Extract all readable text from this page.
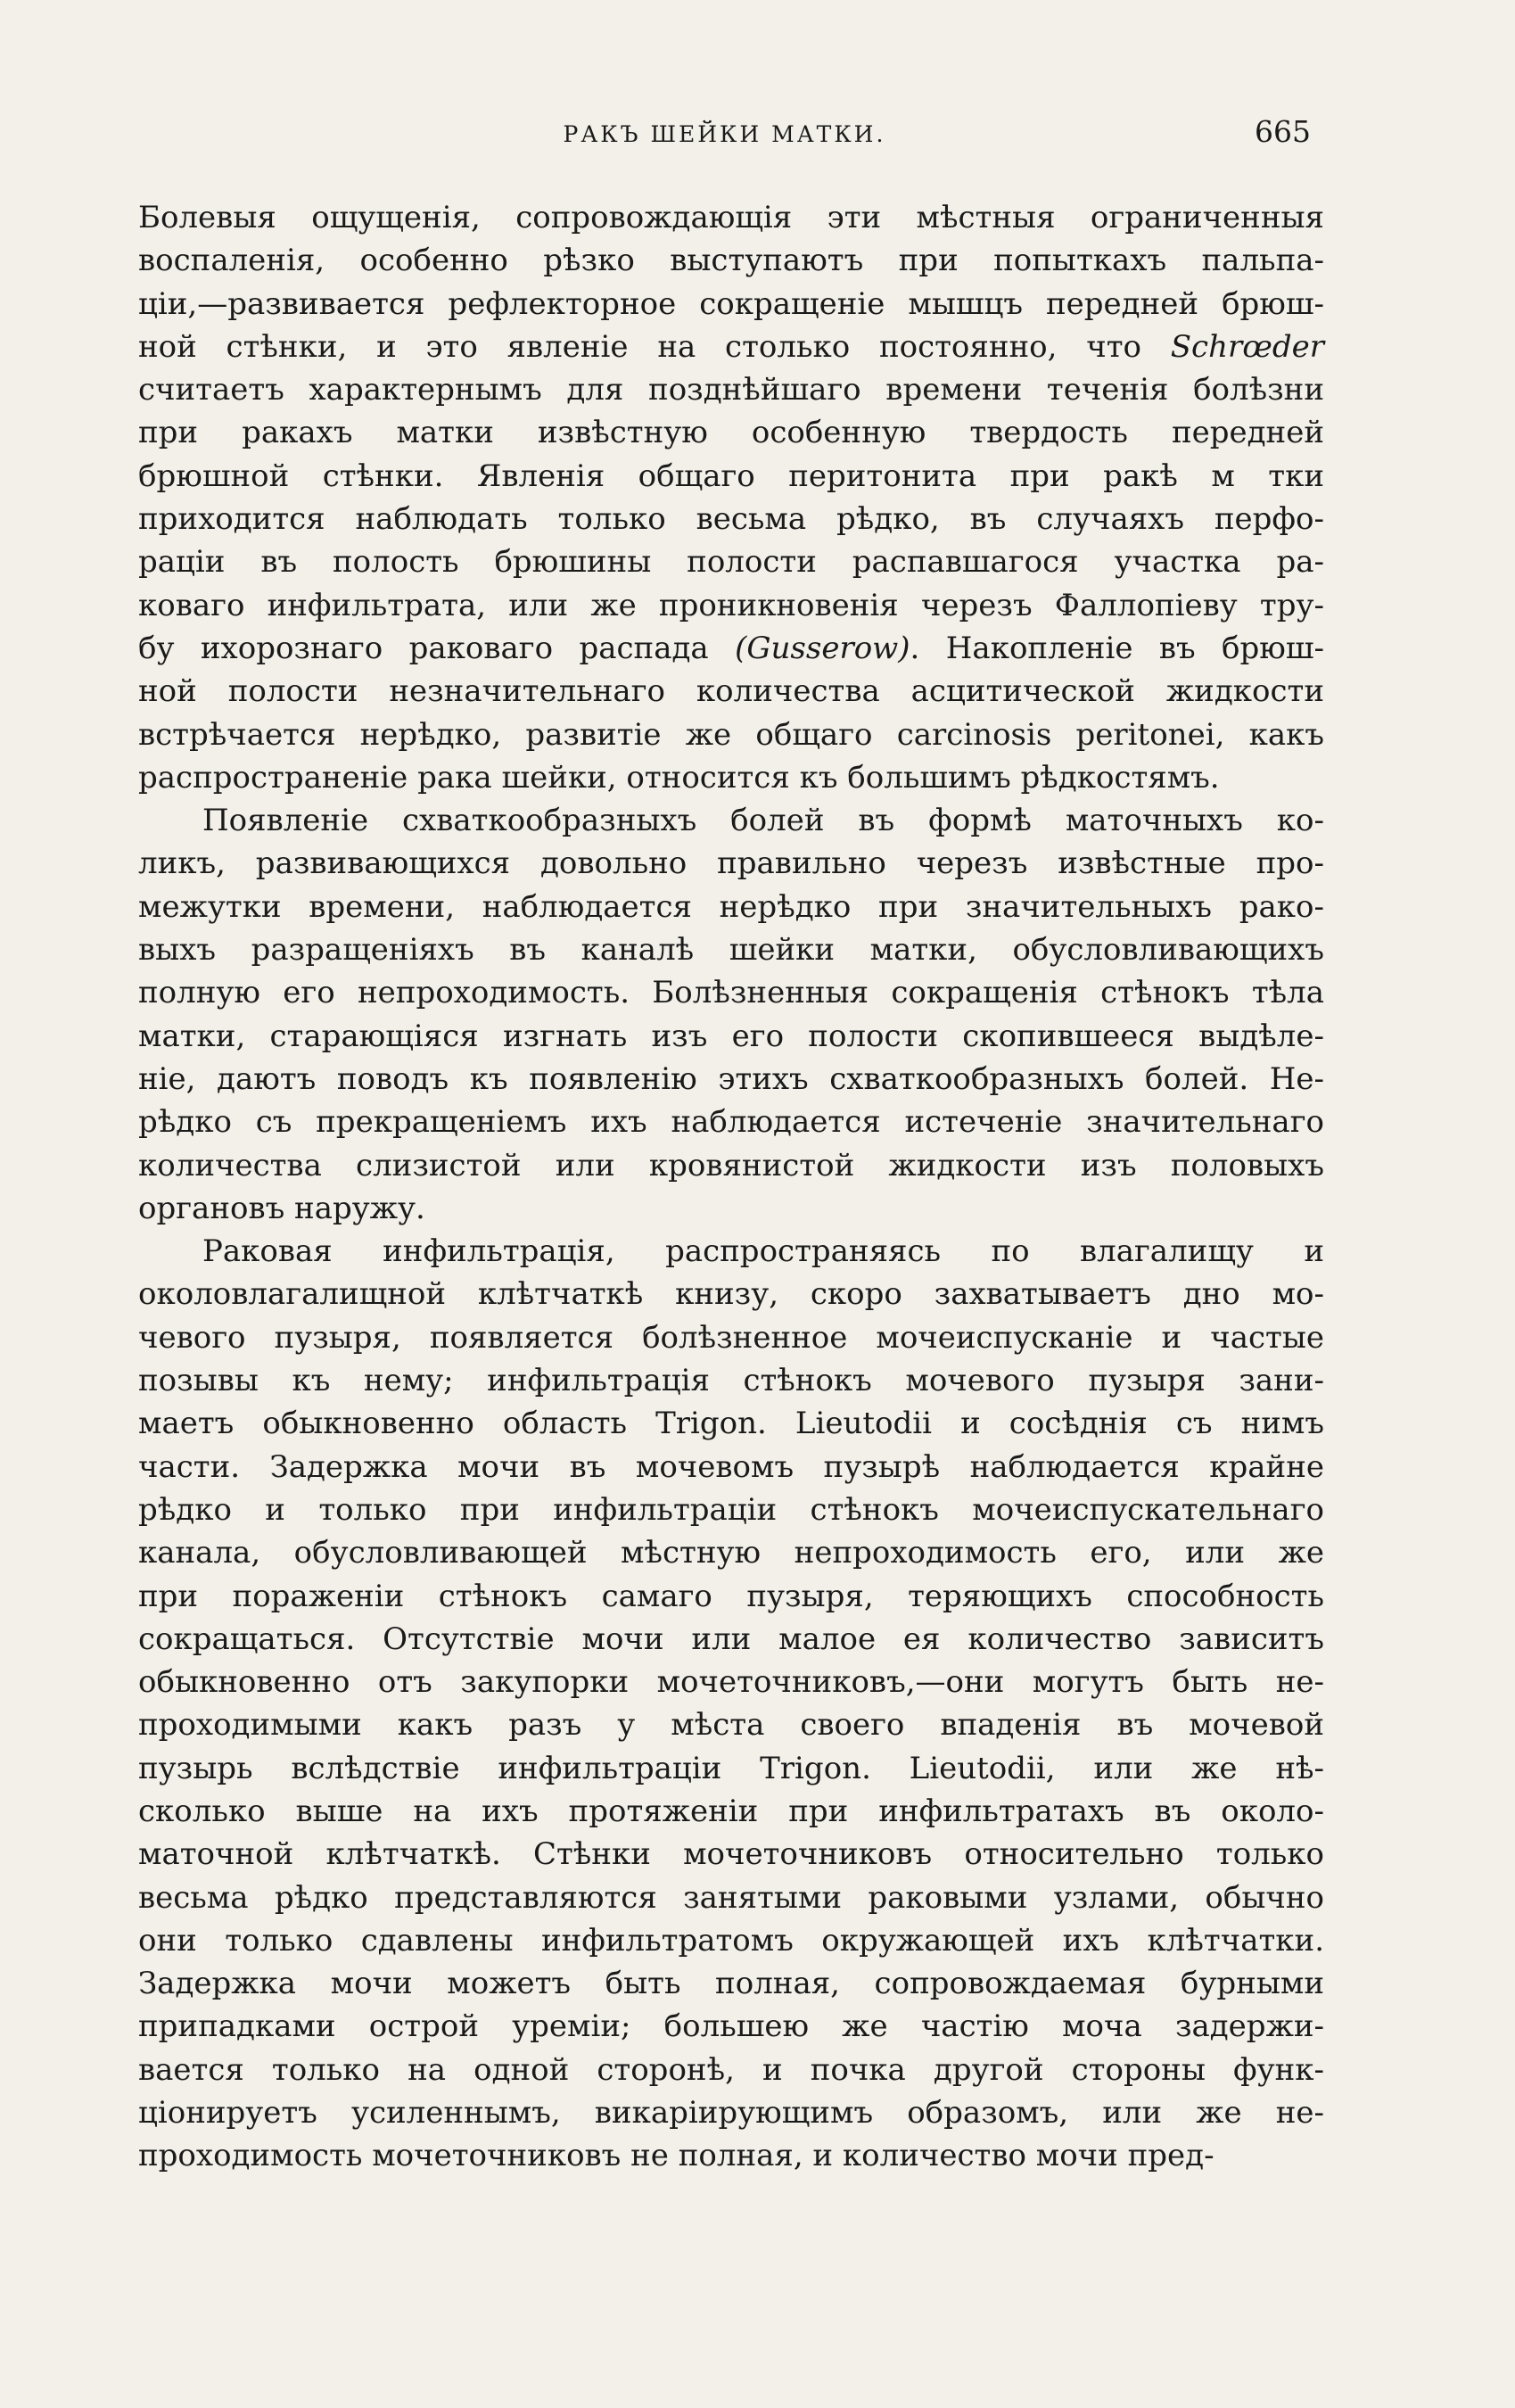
РАКЪ ШЕЙКИ МАТКИ.	665
Болевыя ощущенія, сопровождающія эти мѣстныя ограниченныя
воспаленія, особенно рѣзко выступаютъ при попыткахъ пальпа-
ціи,—развивается рефлекторное сокращеніе мышцъ передней брюш-
ной стѣнки, и это явленіе на столько постоянно, что Schrœder
считаетъ характернымъ для позднѣйшаго времени теченія болѣзни
при ракахъ матки извѣстную особенную твердость передней
брюшной стѣнки. Явленія общаго перитонита при ракѣ м тки
приходится наблюдать только весьма рѣдко, въ случаяхъ перфо-
раціи въ полость брюшины полости распавшагося участка ра-
коваго инфильтрата, или же проникновенія черезъ Фаллопіеву тру-
бу ихорознаго раковаго распада (Gusserow). Накопленіе въ брюш-
ной полости незначительнаго количества асцитической жидкости
встрѣчается нерѣдко, развитіе же общаго carcinosis peritonei, какъ
распространеніе рака шейки, относится къ большимъ рѣдкостямъ.
Появленіе схваткообразныхъ болей въ формѣ маточныхъ ко-
ликъ, развивающихся довольно правильно черезъ извѣстные про-
межутки времени, наблюдается нерѣдко при значительныхъ рако-
выхъ разращеніяхъ въ каналѣ шейки матки, обусловливающихъ
полную его непроходимость. Болѣзненныя сокращенія стѣнокъ тѣла
матки, старающіяся изгнать изъ его полости скопившееся выдѣле-
ніе, даютъ поводъ къ появленію этихъ схваткообразныхъ болей. Не-
рѣдко съ прекращеніемъ ихъ наблюдается истеченіе значительнаго
количества слизистой или кровянистой жидкости изъ половыхъ
органовъ наружу.
Раковая инфильтрація, распространяясь по влагалищу и
околовлагалищной клѣтчаткѣ книзу, скоро захватываетъ дно мо-
чевого пузыря, появляется болѣзненное мочеиспусканіе и частые
позывы къ нему; инфильтрація стѣнокъ мочевого пузыря зани-
маетъ обыкновенно область Trigon. Lieutodii и сосѣднія съ нимъ
части. Задержка мочи въ мочевомъ пузырѣ наблюдается крайне
рѣдко и только при инфильтраціи стѣнокъ мочеиспускательнаго
канала, обусловливающей мѣстную непроходимость его, или же
при пораженіи стѣнокъ самаго пузыря, теряющихъ способность
сокращаться. Отсутствіе мочи или малое ея количество зависитъ
обыкновенно отъ закупорки мочеточниковъ,—они могутъ быть не-
проходимыми какъ разъ у мѣста своего впаденія въ мочевой
пузырь вслѣдствіе инфильтраціи Trigon. Lieutodii, или же нѣ-
сколько выше на ихъ протяженіи при инфильтратахъ въ около-
маточной клѣтчаткѣ. Стѣнки мочеточниковъ относительно только
весьма рѣдко представляются занятыми раковыми узлами, обычно
они только сдавлены инфильтратомъ окружающей ихъ клѣтчатки.
Задержка мочи можетъ быть полная, сопровождаемая бурными
припадками острой уреміи; большею же частію моча задержи-
вается только на одной сторонѣ, и почка другой стороны функ-
ціонируетъ усиленнымъ, викаріирующимъ образомъ, или же не-
проходимость мочеточниковъ не полная, и количество мочи пред-
